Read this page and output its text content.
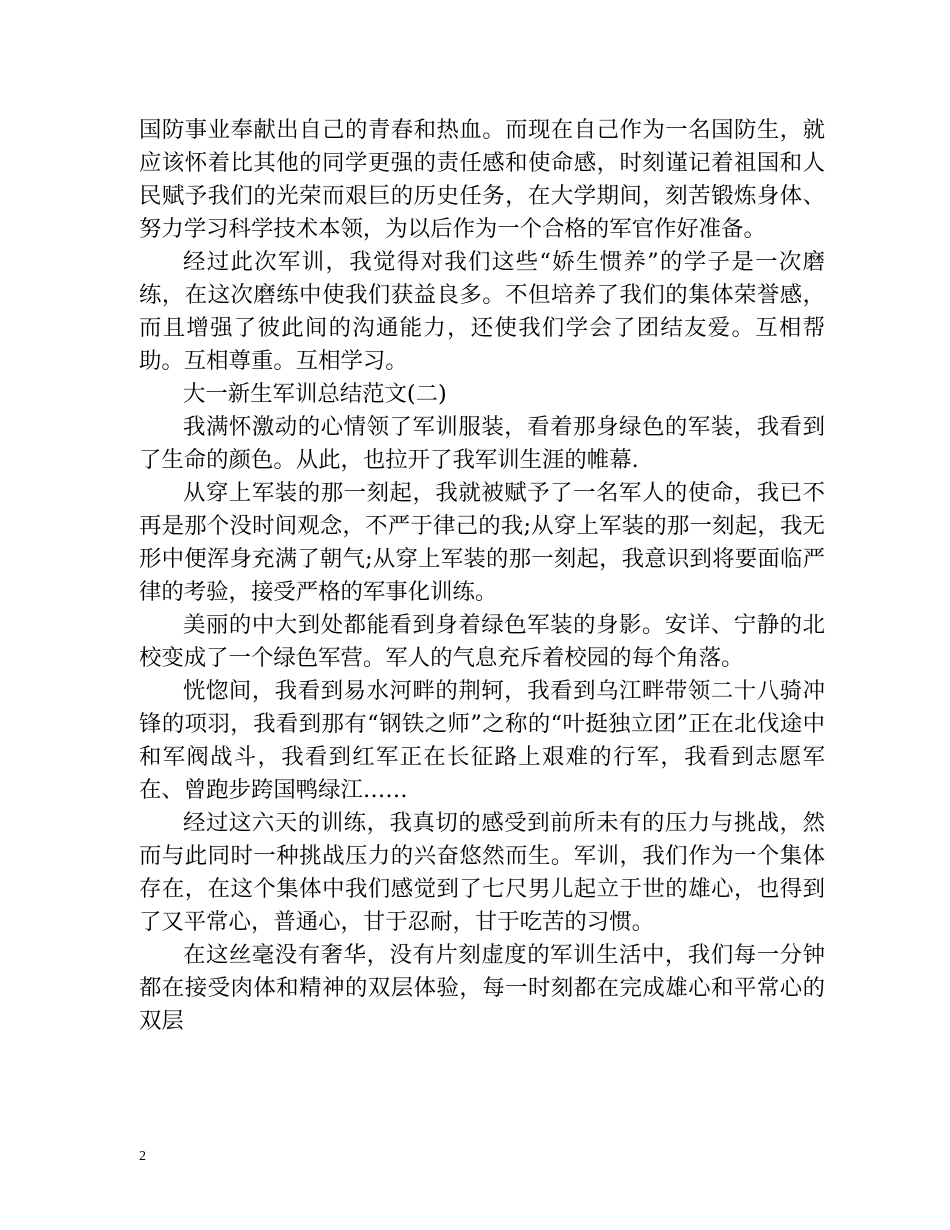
国防事业奉献出自己的青春和热血。而现在自己作为一名国防生，就应该怀着比其他的同学更强的责任感和使命感，时刻谨记着祖国和人民赋予我们的光荣而艰巨的历史任务，在大学期间，刻苦锻炼身体、努力学习科学技术本领，为以后作为一个合格的军官作好准备。

经过此次军训，我觉得对我们这些“娇生惯养”的学子是一次磨练，在这次磨练中使我们获益良多。不但培养了我们的集体荣誉感，而且增强了彼此间的沟通能力，还使我们学会了团结友爱。互相帮助。互相尊重。互相学习。

大一新生军训总结范文(二)

我满怀激动的心情领了军训服装，看着那身绿色的军装，我看到了生命的颜色。从此，也拉开了我军训生涯的帷幕.

从穿上军装的那一刻起，我就被赋予了一名军人的使命，我已不再是那个没时间观念，不严于律己的我;从穿上军装的那一刻起，我无形中便浑身充满了朝气;从穿上军装的那一刻起，我意识到将要面临严律的考验，接受严格的军事化训练。

美丽的中大到处都能看到身着绿色军装的身影。安详、宁静的北校变成了一个绿色军营。军人的气息充斥着校园的每个角落。

恍惚间，我看到易水河畔的荆轲，我看到乌江畔带领二十八骑冲锋的项羽，我看到那有“钢铁之师”之称的“叶挺独立团”正在北伐途中和军阀战斗，我看到红军正在长征路上艰难的行军，我看到志愿军在、曾跑步跨国鸭绿江……

经过这六天的训练，我真切的感受到前所未有的压力与挑战，然而与此同时一种挑战压力的兴奋悠然而生。军训，我们作为一个集体存在，在这个集体中我们感觉到了七尺男儿起立于世的雄心，也得到了又平常心，普通心，甘于忍耐，甘于吃苦的习惯。

在这丝毫没有奢华，没有片刻虚度的军训生活中，我们每一分钟都在接受肉体和精神的双层体验，每一时刻都在完成雄心和平常心的双层

2
